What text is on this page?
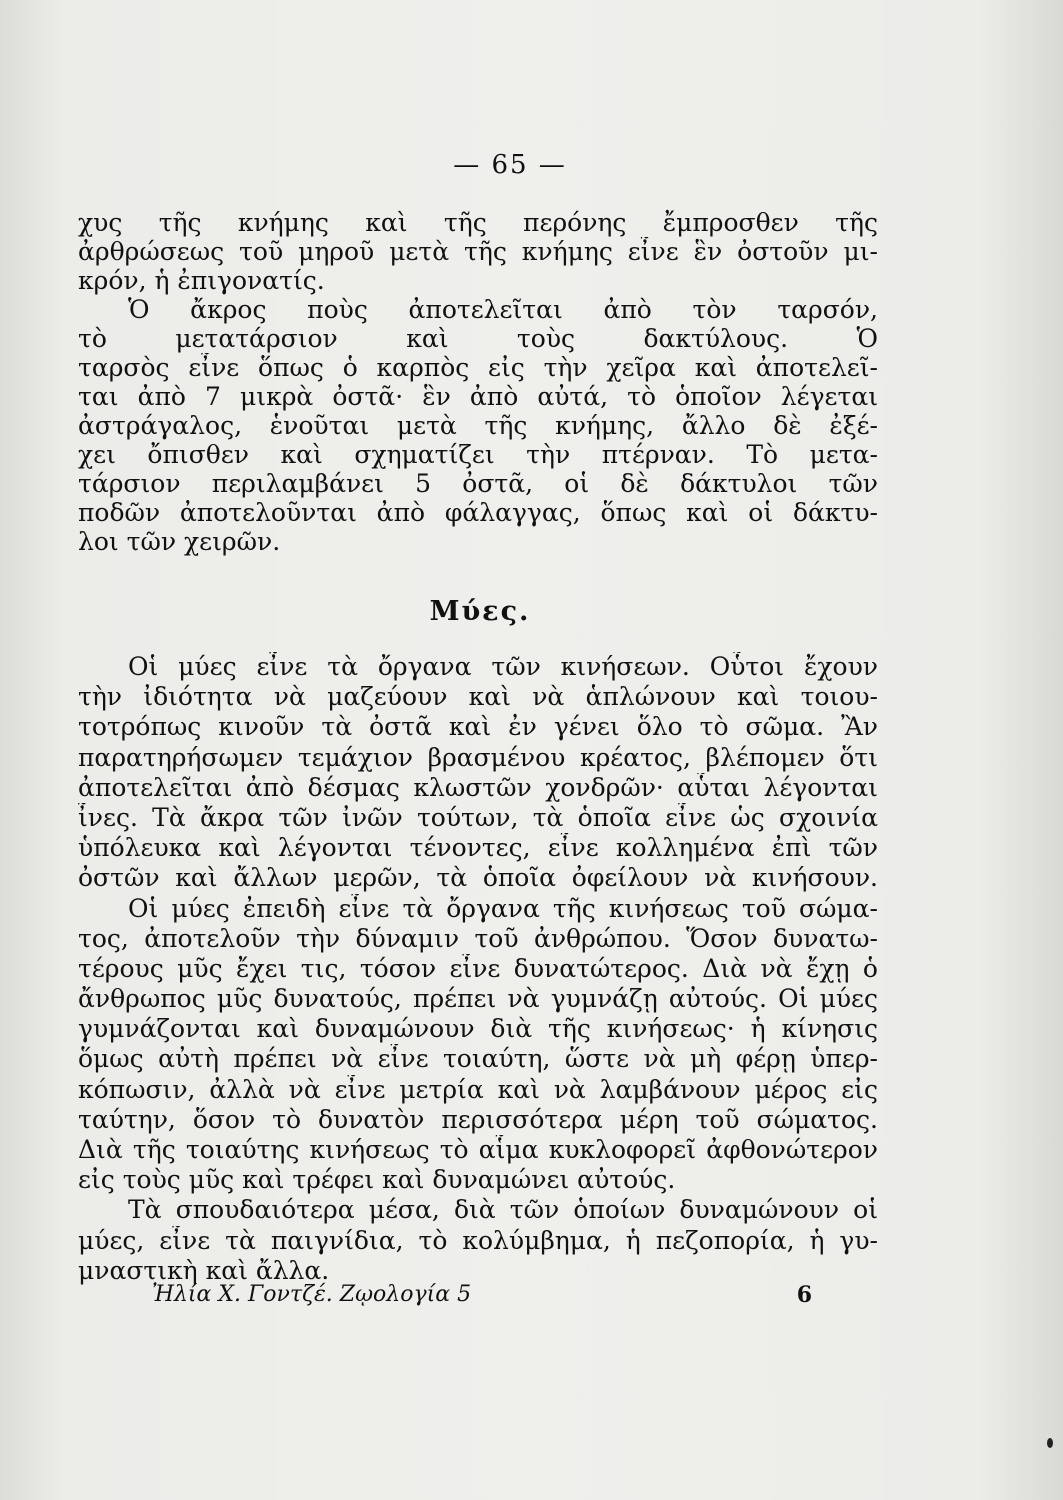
— 65 —
χυς τῆς κνήμης καὶ τῆς περόνης ἔμπροσθεν τῆς
ἀρθρώσεως τοῦ μηροῦ μετὰ τῆς κνήμης εἶνε ἓν ὀστοῦν μι-
κρόν, ἡ ἐπιγονατίς.
Ὁ ἄκρος ποὺς ἀποτελεῖται ἀπὸ τὸν ταρσόν,
τὸ μετατάρσιον καὶ τοὺς δακτύλους. Ὁ
ταρσὸς εἶνε ὅπως ὁ καρπὸς εἰς τὴν χεῖρα καὶ ἀποτελεῖ-
ται ἀπὸ 7 μικρὰ ὀστᾶ· ἓν ἀπὸ αὐτά, τὸ ὁποῖον λέγεται
ἀστράγαλος, ἑνοῦται μετὰ τῆς κνήμης, ἄλλο δὲ ἐξέ-
χει ὄπισθεν καὶ σχηματίζει τὴν πτέρναν. Τὸ μετα-
τάρσιον περιλαμβάνει 5 ὀστᾶ, οἱ δὲ δάκτυλοι τῶν
ποδῶν ἀποτελοῦνται ἀπὸ φάλαγγας, ὅπως καὶ οἱ δάκτυ-
λοι τῶν χειρῶν.
Μύες.
Οἱ μύες εἶνε τὰ ὄργανα τῶν κινήσεων. Οὗτοι ἔχουν
τὴν ἰδιότητα νὰ μαζεύουν καὶ νὰ ἁπλώνουν καὶ τοιου-
τοτρόπως κινοῦν τὰ ὀστᾶ καὶ ἐν γένει ὅλο τὸ σῶμα. Ἂν
παρατηρήσωμεν τεμάχιον βρασμένου κρέατος, βλέπομεν ὅτι
ἀποτελεῖται ἀπὸ δέσμας κλωστῶν χονδρῶν· αὗται λέγονται
ἶνες. Τὰ ἄκρα τῶν ἰνῶν τούτων, τὰ ὁποῖα εἶνε ὡς σχοινία
ὑπόλευκα καὶ λέγονται τένοντες, εἶνε κολλημένα ἐπὶ τῶν
ὀστῶν καὶ ἄλλων μερῶν, τὰ ὁποῖα ὀφείλουν νὰ κινήσουν.
Οἱ μύες ἐπειδὴ εἶνε τὰ ὄργανα τῆς κινήσεως τοῦ σώμα-
τος, ἀποτελοῦν τὴν δύναμιν τοῦ ἀνθρώπου. Ὅσον δυνατω-
τέρους μῦς ἔχει τις, τόσον εἶνε δυνατώτερος. Διὰ νὰ ἔχῃ ὁ
ἄνθρωπος μῦς δυνατούς, πρέπει νὰ γυμνάζῃ αὐτούς. Οἱ μύες
γυμνάζονται καὶ δυναμώνουν διὰ τῆς κινήσεως· ἡ κίνησις
ὅμως αὐτὴ πρέπει νὰ εἶνε τοιαύτη, ὥστε νὰ μὴ φέρῃ ὑπερ-
κόπωσιν, ἀλλὰ νὰ εἶνε μετρία καὶ νὰ λαμβάνουν μέρος εἰς
ταύτην, ὅσον τὸ δυνατὸν περισσότερα μέρη τοῦ σώματος.
Διὰ τῆς τοιαύτης κινήσεως τὸ αἷμα κυκλοφορεῖ ἀφθονώτερον
εἰς τοὺς μῦς καὶ τρέφει καὶ δυναμώνει αὐτούς.
Τὰ σπουδαιότερα μέσα, διὰ τῶν ὁποίων δυναμώνουν οἱ
μύες, εἶνε τὰ παιγνίδια, τὸ κολύμβημα, ἡ πεζοπορία, ἡ γυ-
μναστικὴ καὶ ἄλλα.
Ἠλία Χ. Γοντζέ. Ζῳολογία 5	6
